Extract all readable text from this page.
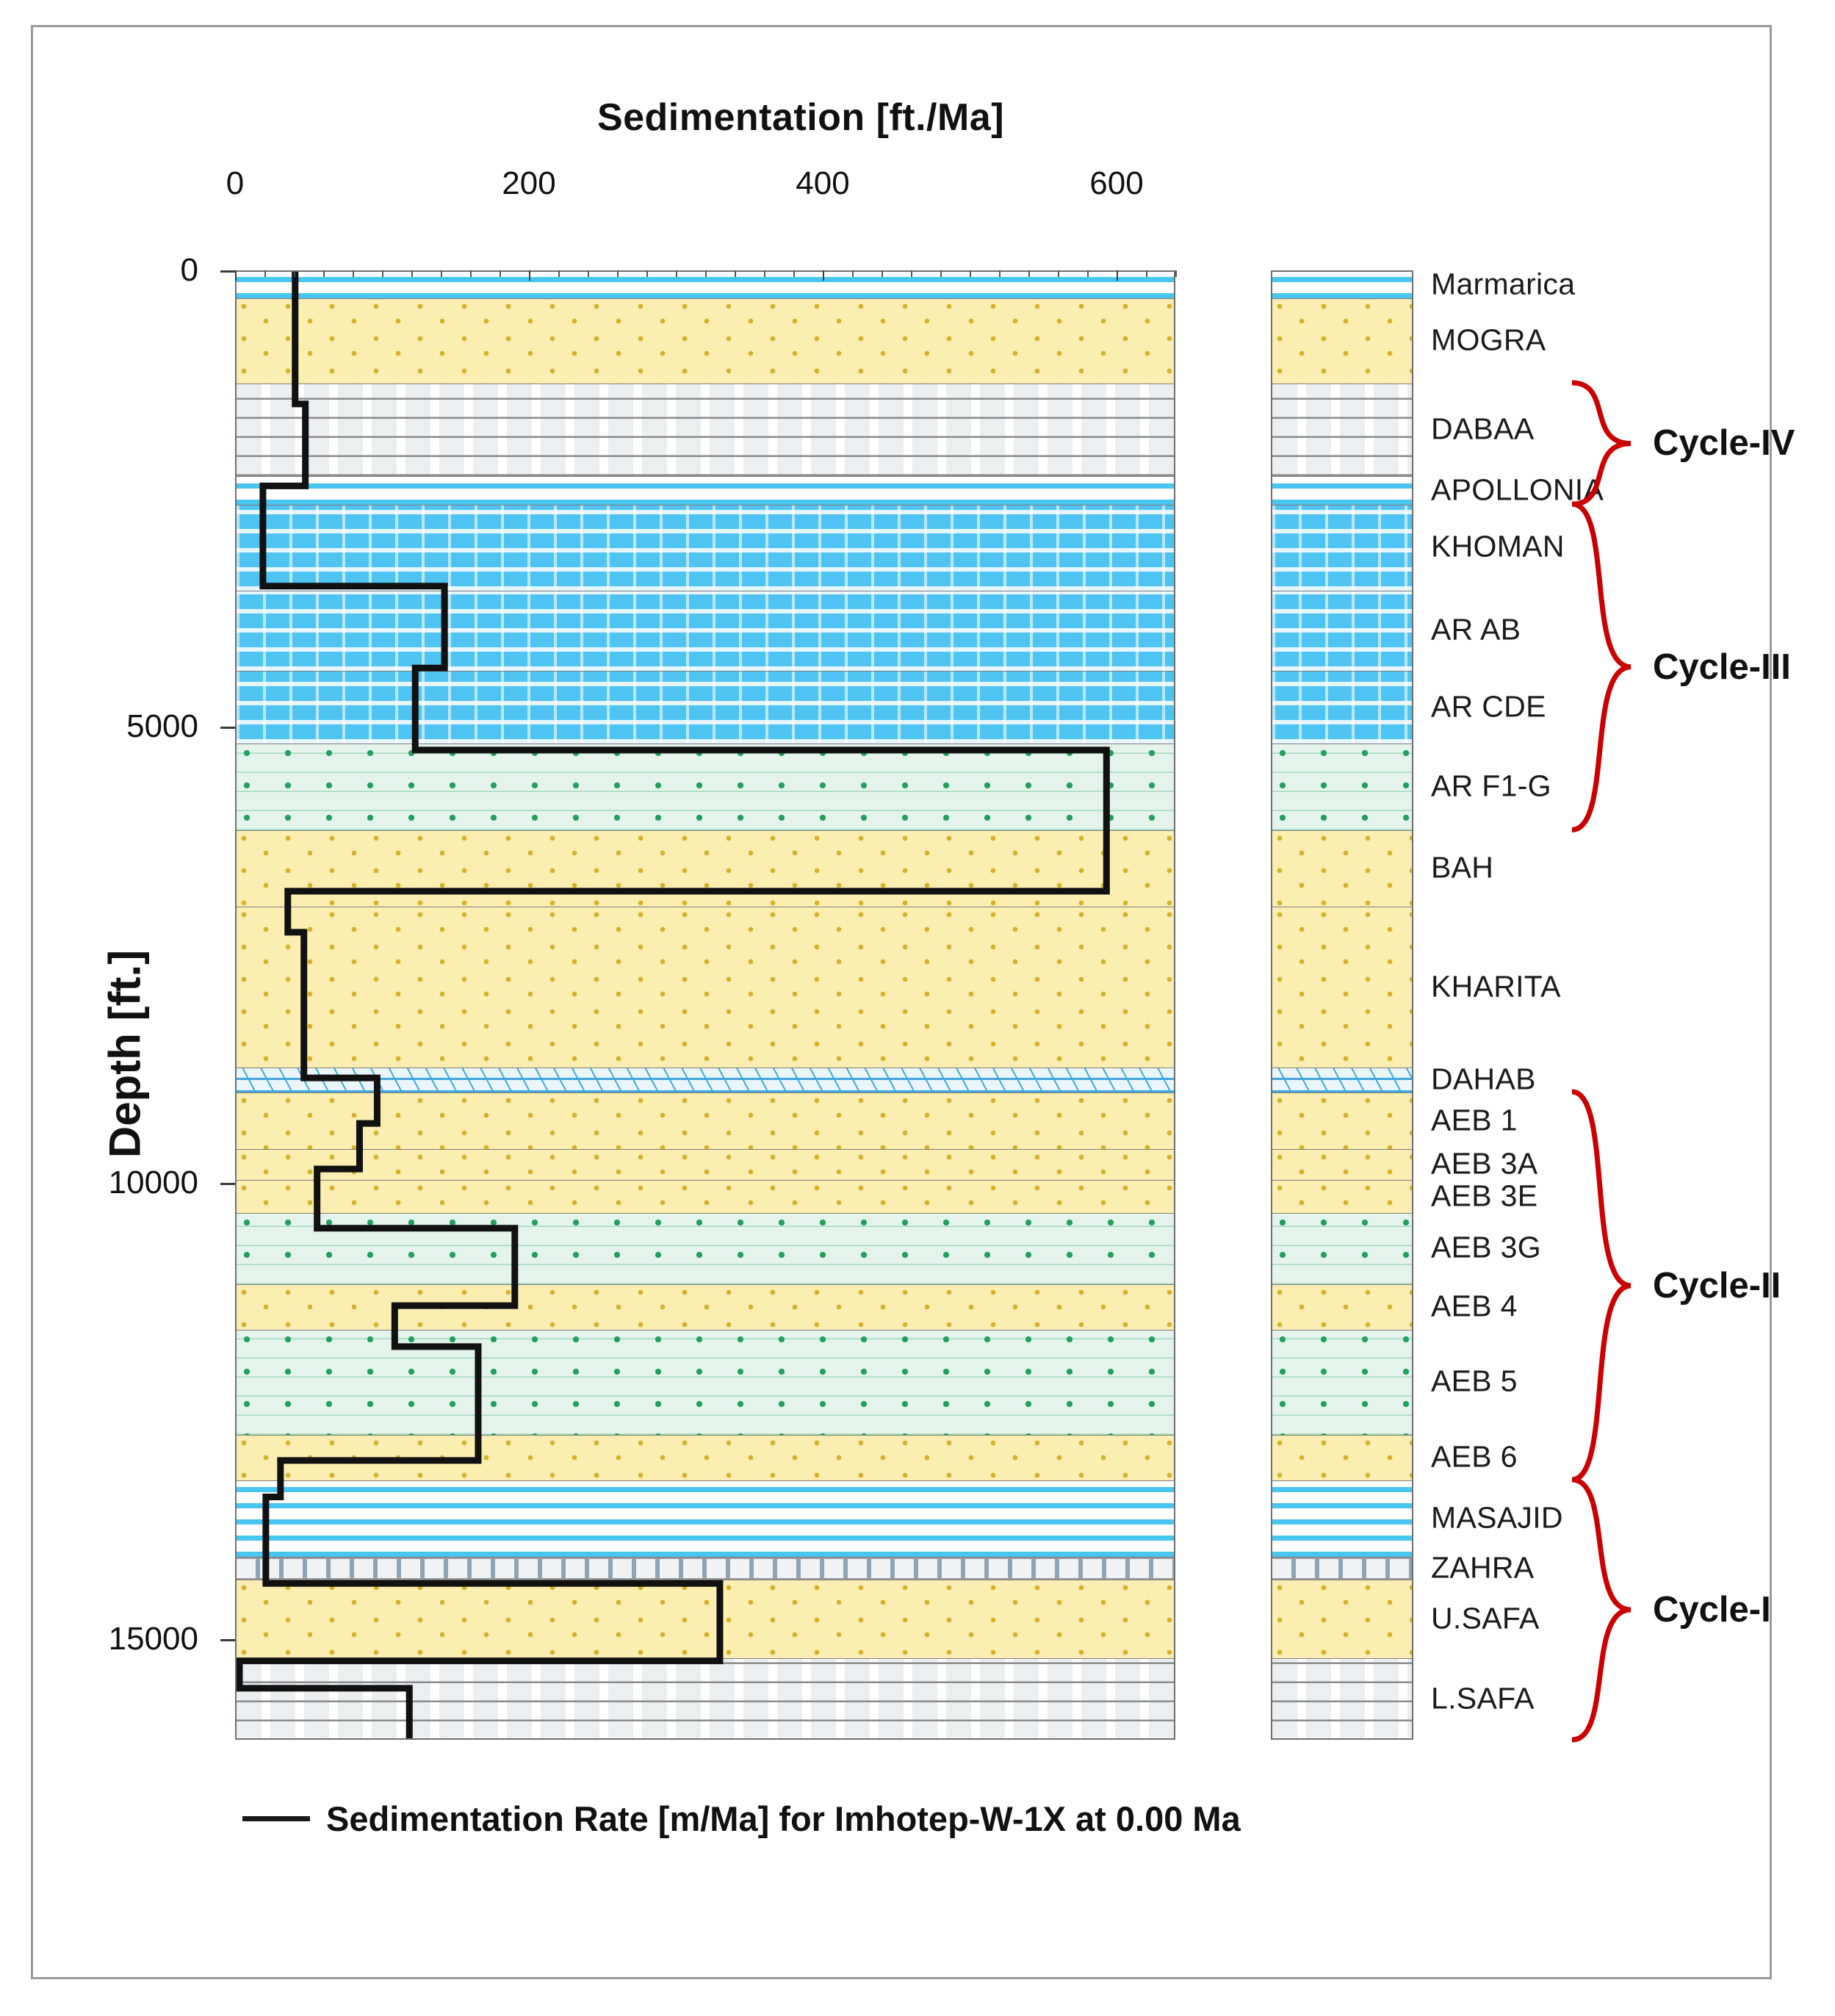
Sedimentation [ft./Ma]
Depth [ft.]
0	200	400	600
0
5000
10000
15000
Marmarica
MOGRA
DABAA
APOLLONIA
KHOMAN
AR AB
AR CDE
AR F1-G
BAH
KHARITA
DAHAB
AEB 1
AEB 3A
AEB 3E
AEB 3G
AEB 4
AEB 5
AEB 6
MASAJID
ZAHRA
U.SAFA
L.SAFA
Cycle-IV
Cycle-III
Cycle-II
Cycle-I
Sedimentation Rate [m/Ma] for Imhotep-W-1X at 0.00 Ma
